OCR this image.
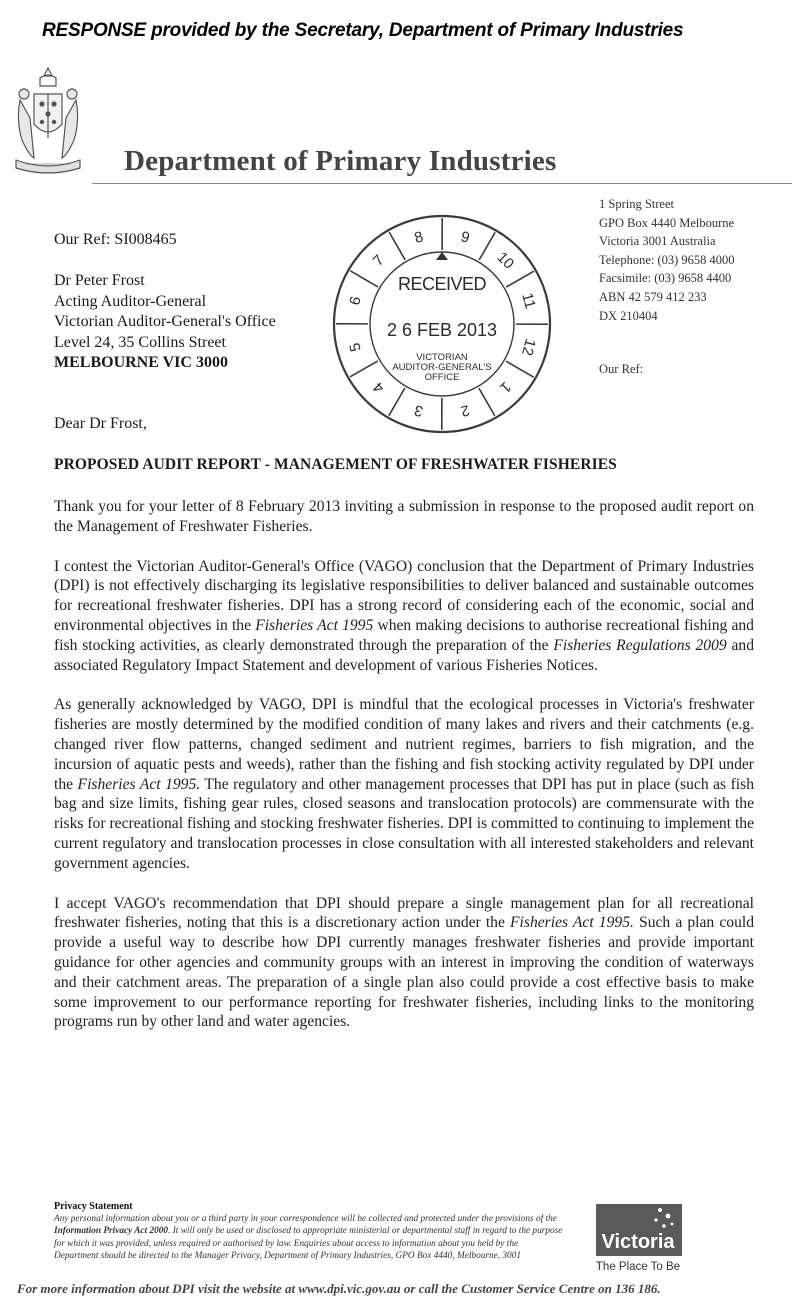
RESPONSE provided by the Secretary, Department of Primary Industries
Department of Primary Industries
1 Spring Street
GPO Box 4440 Melbourne
Victoria 3001 Australia
Telephone: (03) 9658 4000
Facsimile: (03) 9658 4400
ABN 42 579 412 233
DX 210404
Our Ref:
Our Ref: SI008465
Dr Peter Frost
Acting Auditor-General
Victorian Auditor-General's Office
Level 24, 35 Collins Street
MELBOURNE VIC 3000
9
10
11
12
1
2
3
4
5
6
7
8
RECEIVED
2 6 FEB 2013
VICTORIAN
AUDITOR-GENERAL'S
OFFICE
Dear Dr Frost,
PROPOSED AUDIT REPORT - MANAGEMENT OF FRESHWATER FISHERIES

Thank you for your letter of 8 February 2013 inviting a submission in response to the proposed audit report on the Management of Freshwater Fisheries.

I contest the Victorian Auditor-General's Office (VAGO) conclusion that the Department of Primary Industries (DPI) is not effectively discharging its legislative responsibilities to deliver balanced and sustainable outcomes for recreational freshwater fisheries. DPI has a strong record of considering each of the economic, social and environmental objectives in the Fisheries Act 1995 when making decisions to authorise recreational fishing and fish stocking activities, as clearly demonstrated through the preparation of the Fisheries Regulations 2009 and associated Regulatory Impact Statement and development of various Fisheries Notices.

As generally acknowledged by VAGO, DPI is mindful that the ecological processes in Victoria's freshwater fisheries are mostly determined by the modified condition of many lakes and rivers and their catchments (e.g. changed river flow patterns, changed sediment and nutrient regimes, barriers to fish migration, and the incursion of aquatic pests and weeds), rather than the fishing and fish stocking activity regulated by DPI under the Fisheries Act 1995. The regulatory and other management processes that DPI has put in place (such as fish bag and size limits, fishing gear rules, closed seasons and translocation protocols) are commensurate with the risks for recreational fishing and stocking freshwater fisheries. DPI is committed to continuing to implement the current regulatory and translocation processes in close consultation with all interested stakeholders and relevant government agencies.

I accept VAGO's recommendation that DPI should prepare a single management plan for all recreational freshwater fisheries, noting that this is a discretionary action under the Fisheries Act 1995. Such a plan could provide a useful way to describe how DPI currently manages freshwater fisheries and provide important guidance for other agencies and community groups with an interest in improving the condition of waterways and their catchment areas. The preparation of a single plan also could provide a cost effective basis to make some improvement to our performance reporting for freshwater fisheries, including links to the monitoring programs run by other land and water agencies.

Privacy Statement
Any personal information about you or a third party in your correspondence will be collected and protected under the provisions of the Information Privacy Act 2000. It will only be used or disclosed to appropriate ministerial or departmental staff in regard to the purpose for which it was provided, unless required or authorised by law. Enquiries about access to information about you held by the Department should be directed to the Manager Privacy, Department of Primary Industries, GPO Box 4440, Melbourne, 3001
Victoria
The Place To Be
For more information about DPI visit the website at www.dpi.vic.gov.au or call the Customer Service Centre on 136 186.
